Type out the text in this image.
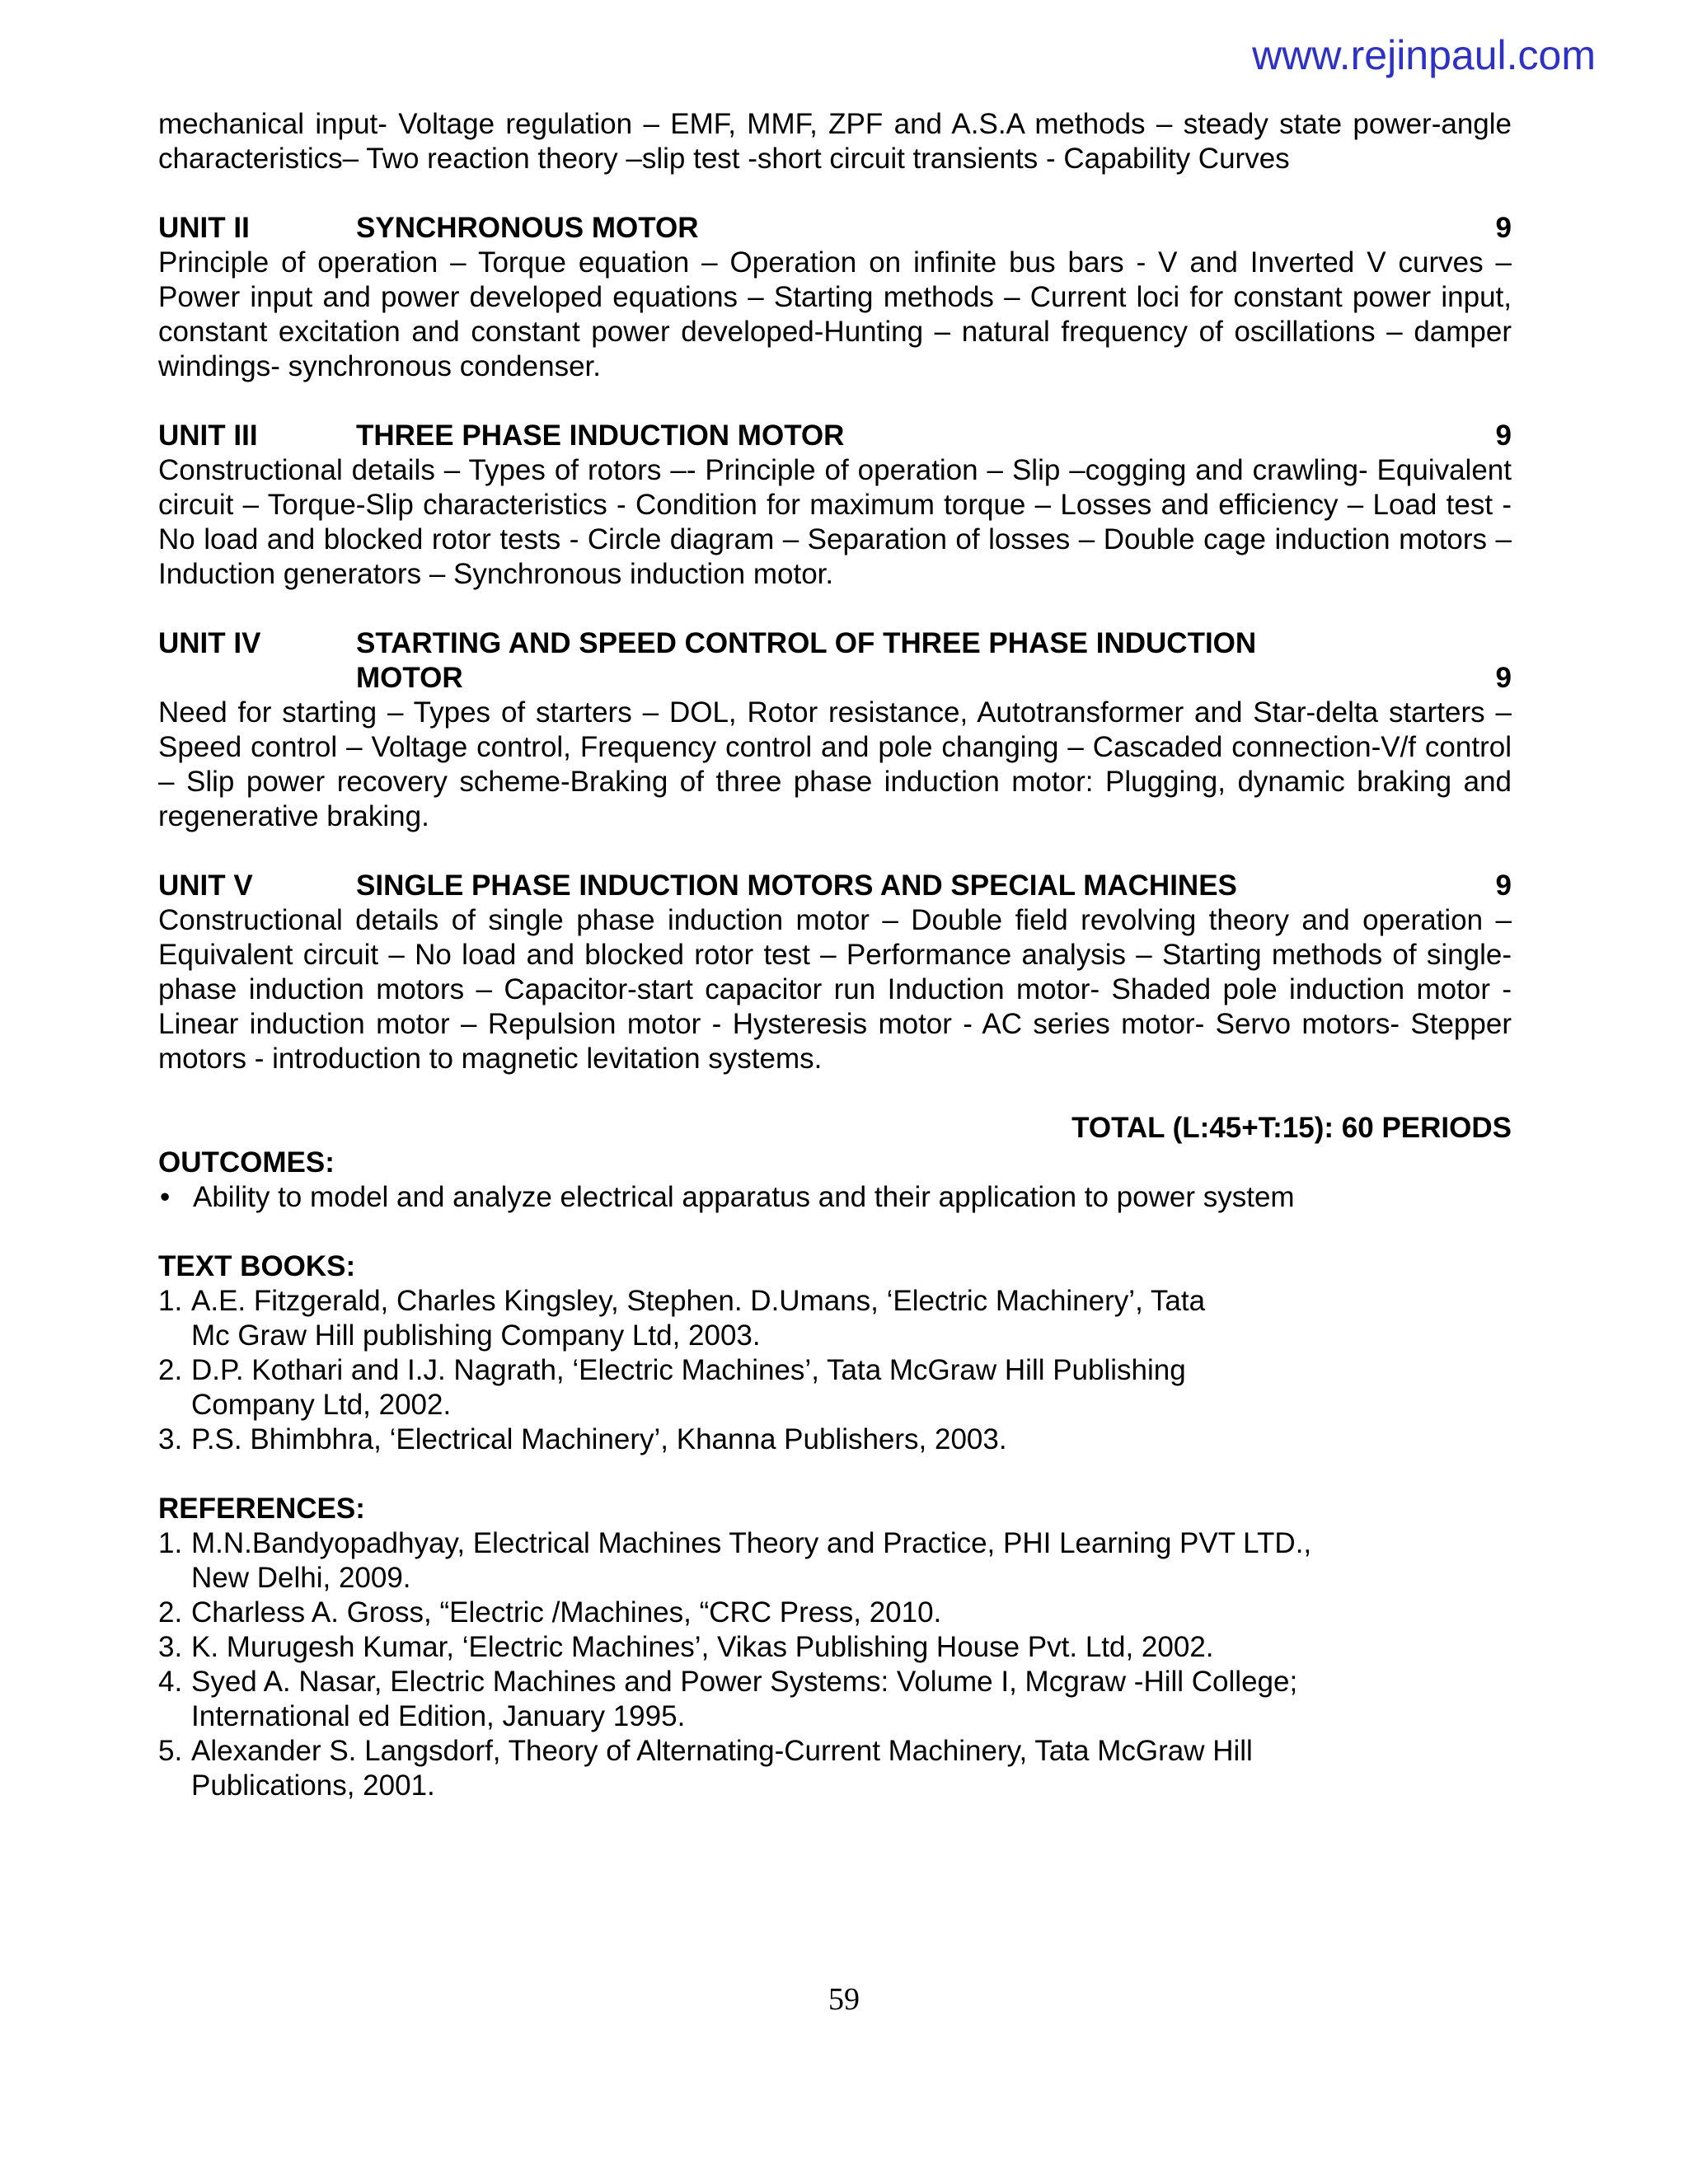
www.rejinpaul.com

mechanical input- Voltage regulation – EMF, MMF, ZPF and A.S.A methods – steady state power-angle characteristics– Two reaction theory –slip test -short circuit transients - Capability Curves

UNIT II	SYNCHRONOUS MOTOR	9

Principle of operation – Torque equation – Operation on infinite bus bars - V and Inverted V curves – Power input and power developed equations – Starting methods – Current loci for constant power input, constant excitation and constant power developed-Hunting – natural frequency of oscillations – damper windings- synchronous condenser.

UNIT III	THREE PHASE INDUCTION MOTOR	9

Constructional details – Types of rotors –- Principle of operation – Slip –cogging and crawling- Equivalent circuit – Torque-Slip characteristics - Condition for maximum torque – Losses and efficiency – Load test - No load and blocked rotor tests - Circle diagram – Separation of losses – Double cage induction motors –Induction generators – Synchronous induction motor.

UNIT IV	STARTING AND SPEED CONTROL OF THREE PHASE INDUCTION
MOTOR	9

Need for starting – Types of starters – DOL, Rotor resistance, Autotransformer and Star-delta starters – Speed control – Voltage control, Frequency control and pole changing – Cascaded connection-V/f control – Slip power recovery scheme-Braking of three phase induction motor: Plugging, dynamic braking and regenerative braking.

UNIT V	SINGLE PHASE INDUCTION MOTORS AND SPECIAL MACHINES	9

Constructional details of single phase induction motor – Double field revolving theory and operation – Equivalent circuit – No load and blocked rotor test – Performance analysis – Starting methods of single-phase induction motors – Capacitor-start capacitor run Induction motor- Shaded pole induction motor - Linear induction motor – Repulsion motor - Hysteresis motor - AC series motor- Servo motors- Stepper motors - introduction to magnetic levitation systems.

TOTAL (L:45+T:15): 60 PERIODS
OUTCOMES:
• Ability to model and analyze electrical apparatus and their application to power system
TEXT BOOKS:
1. A.E. Fitzgerald, Charles Kingsley, Stephen. D.Umans, ‘Electric Machinery’, Tata
Mc Graw Hill publishing Company Ltd, 2003.
2. D.P. Kothari and I.J. Nagrath, ‘Electric Machines’, Tata McGraw Hill Publishing
Company Ltd, 2002.
3. P.S. Bhimbhra, ‘Electrical Machinery’, Khanna Publishers, 2003.
REFERENCES:
1. M.N.Bandyopadhyay, Electrical Machines Theory and Practice, PHI Learning PVT LTD.,
New Delhi, 2009.
2. Charless A. Gross, “Electric /Machines, “CRC Press, 2010.
3. K. Murugesh Kumar, ‘Electric Machines’, Vikas Publishing House Pvt. Ltd, 2002.
4. Syed A. Nasar, Electric Machines and Power Systems: Volume I, Mcgraw -Hill College;
International ed Edition, January 1995.
5. Alexander S. Langsdorf, Theory of Alternating-Current Machinery, Tata McGraw Hill
Publications, 2001.
59
